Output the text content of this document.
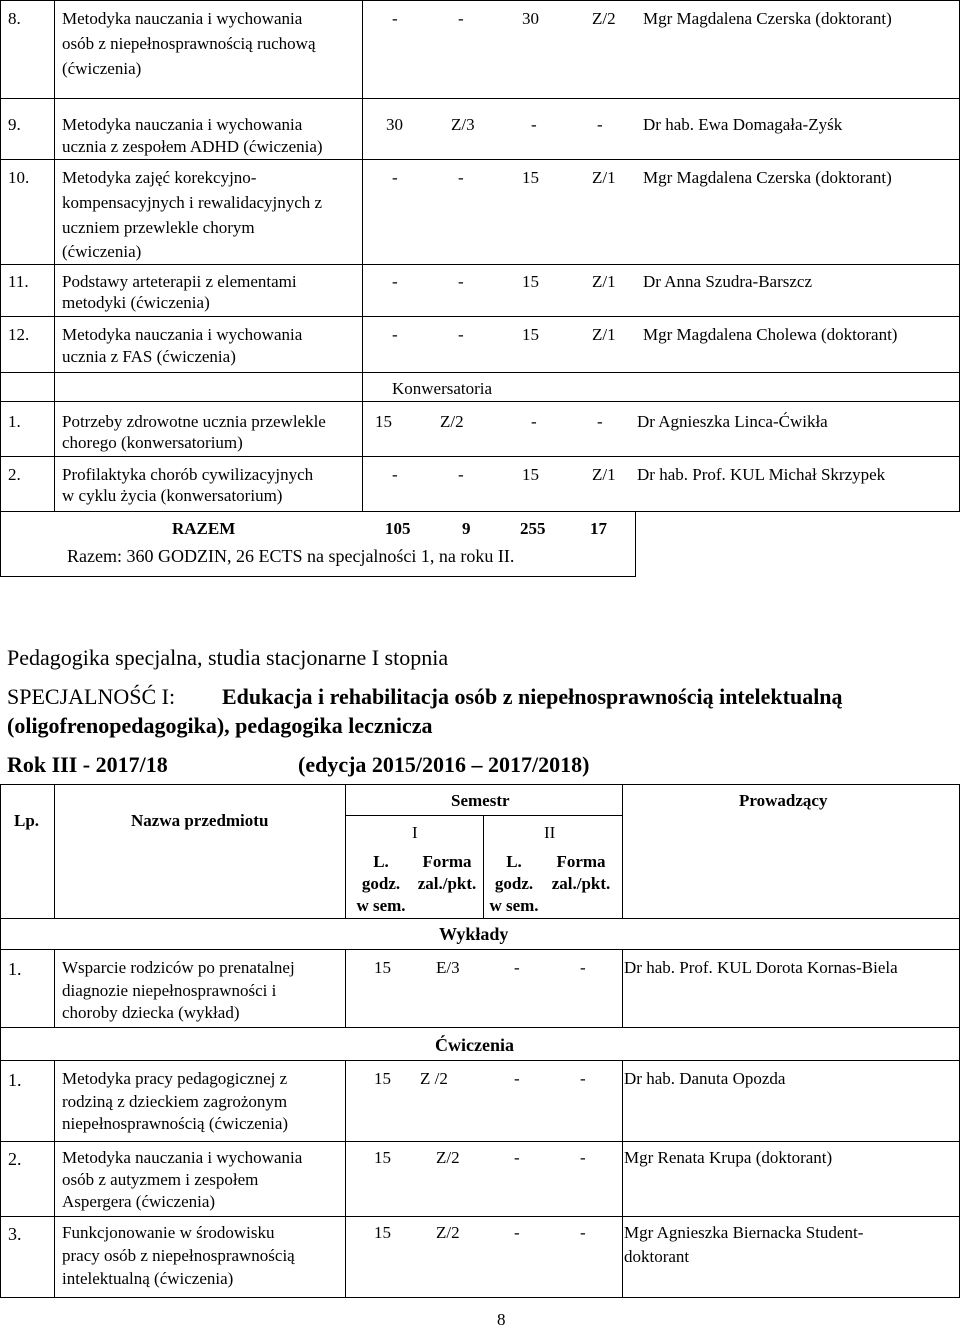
8. Metodyka nauczania i wychowania
osób z niepełnosprawnością ruchową
(ćwiczenia)
-	-	30	Z/2 Mgr Magdalena Czerska (doktorant)
9. Metodyka nauczania i wychowania
ucznia z zespołem ADHD (ćwiczenia)
30	Z/3	-	- Dr hab. Ewa Domagała-Zyśk
10. Metodyka zajęć korekcyjno-
kompensacyjnych i rewalidacyjnych z
uczniem przewlekle chorym
(ćwiczenia)
-	-	15	Z/1 Mgr Magdalena Czerska (doktorant)
11. Podstawy arteterapii z elementami
metodyki (ćwiczenia)
-	-	15	Z/1 Dr Anna Szudra-Barszcz
12. Metodyka nauczania i wychowania
ucznia z FAS (ćwiczenia)
-	-	15	Z/1 Mgr Magdalena Cholewa (doktorant)
Konwersatoria
1. Potrzeby zdrowotne ucznia przewlekle
chorego (konwersatorium)
15	Z/2	-	- Dr Agnieszka Linca-Ćwikła
2. Profilaktyka chorób cywilizacyjnych
w cyklu życia (konwersatorium)
-	-	15	Z/1 Dr hab. Prof. KUL Michał Skrzypek
RAZEM	105	9	255	17
Razem: 360 GODZIN, 26 ECTS na specjalności 1, na roku II.
Pedagogika specjalna, studia stacjonarne I stopnia
SPECJALNOŚĆ I: Edukacja i rehabilitacja osób z niepełnosprawnością intelektualną
(oligofrenopedagogika), pedagogika lecznicza
Rok III - 2017/18	(edycja 2015/2016 – 2017/2018)
Lp.	Nazwa przedmiotu
Semestr
I	II
Prowadzący
L.
godz.
w sem.
Forma
zal./pkt.
L.
godz.
w sem.
Forma
zal./pkt.
Wykłady
1. Wsparcie rodziców po prenatalnej
diagnozie niepełnosprawności i
choroby dziecka (wykład)
15	E/3	-	- Dr hab. Prof. KUL Dorota Kornas-Biela
Ćwiczenia
1. Metodyka pracy pedagogicznej z
rodziną z dzieckiem zagrożonym
niepełnosprawnością (ćwiczenia)
15 Z /2	-	- Dr hab. Danuta Opozda
2. Metodyka nauczania i wychowania
osób z autyzmem i zespołem
Aspergera (ćwiczenia)
15	Z/2	-	- Mgr Renata Krupa (doktorant)
3. Funkcjonowanie w środowisku
pracy osób z niepełnosprawnością
intelektualną (ćwiczenia)
15	Z/2	-	- Mgr Agnieszka Biernacka Student-
doktorant
8
